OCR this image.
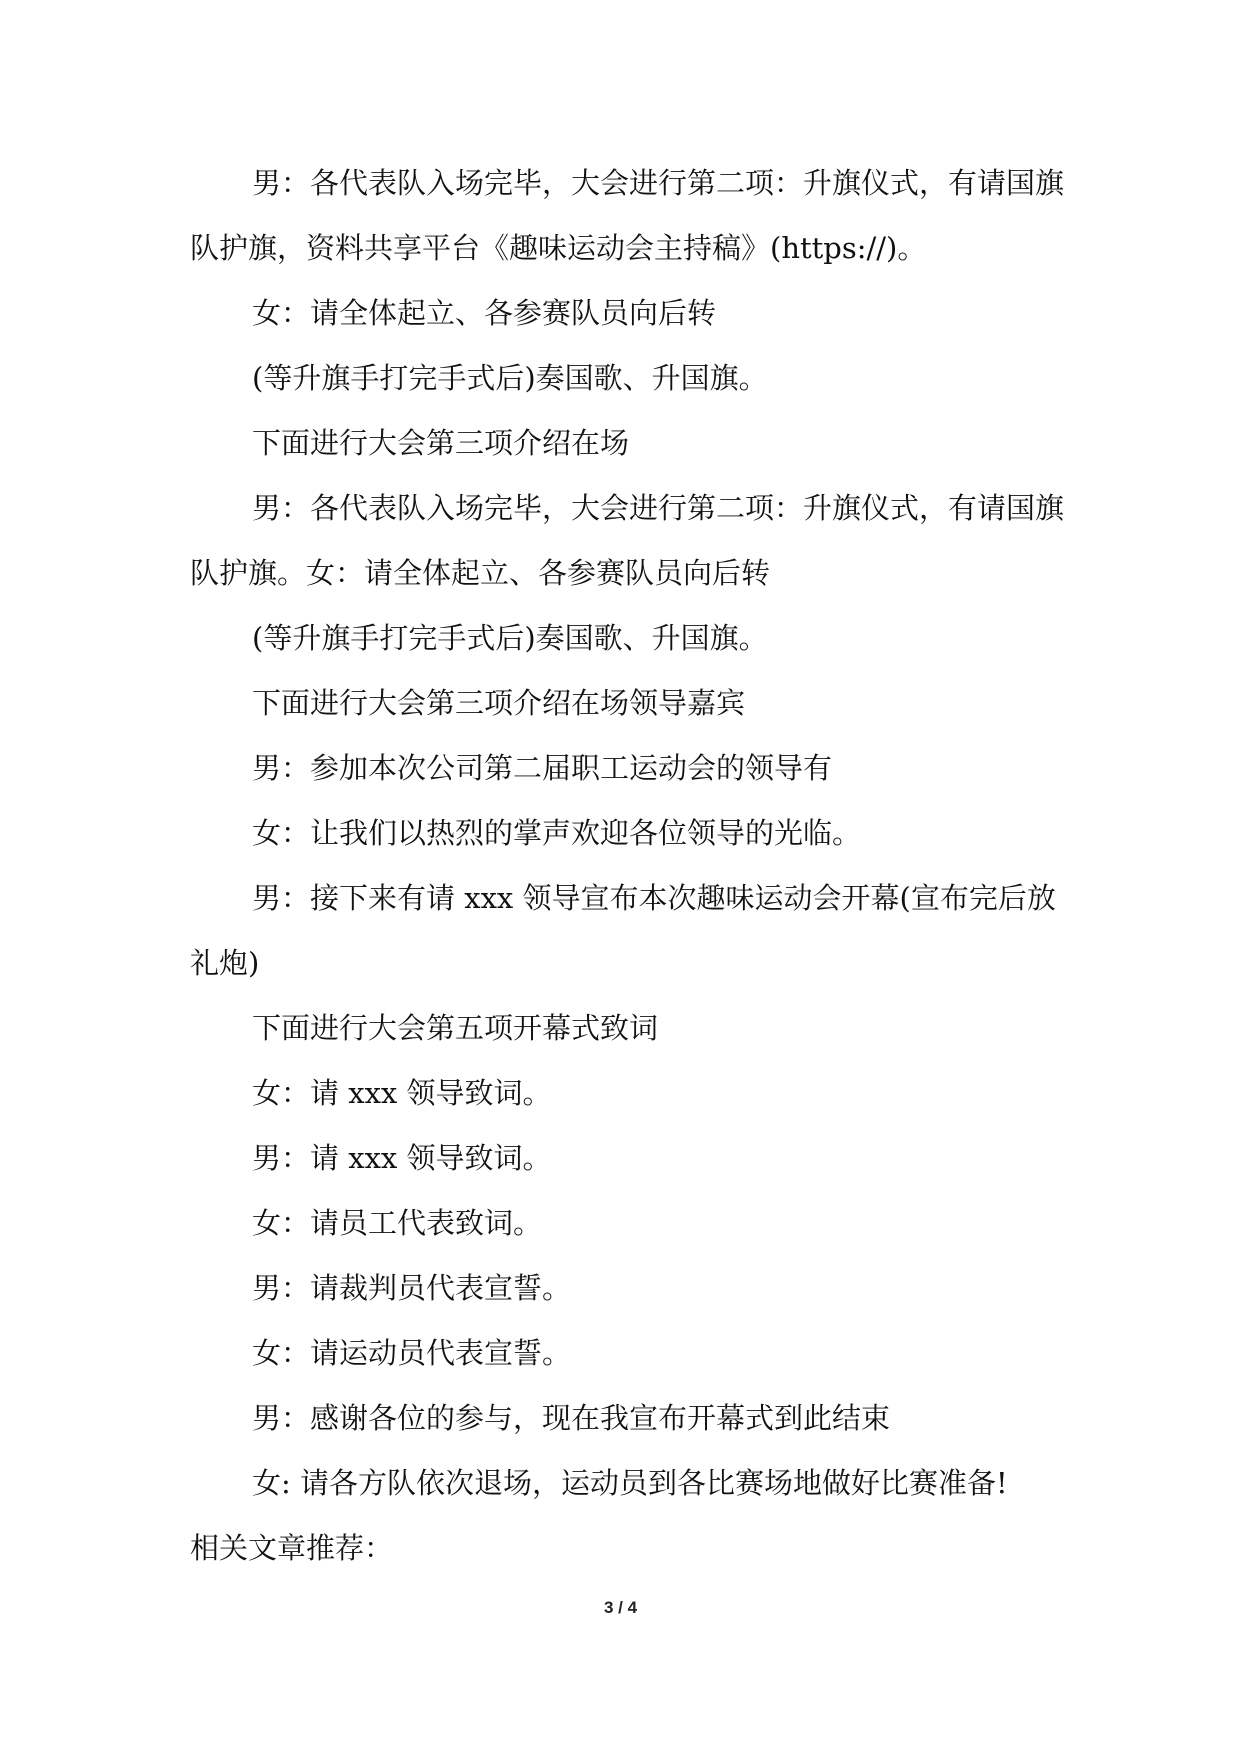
男：各代表队入场完毕，大会进行第二项：升旗仪式，有请国旗队护旗，资料共享平台《趣味运动会主持稿》(https://)。

女：请全体起立、各参赛队员向后转

(等升旗手打完手式后)奏国歌、升国旗。

下面进行大会第三项介绍在场

男：各代表队入场完毕，大会进行第二项：升旗仪式，有请国旗队护旗。女：请全体起立、各参赛队员向后转

(等升旗手打完手式后)奏国歌、升国旗。

下面进行大会第三项介绍在场领导嘉宾

男：参加本次公司第二届职工运动会的领导有

女：让我们以热烈的掌声欢迎各位领导的光临。

男：接下来有请 xxx 领导宣布本次趣味运动会开幕(宣布完后放礼炮)

下面进行大会第五项开幕式致词

女：请 xxx 领导致词。

男：请 xxx 领导致词。

女：请员工代表致词。

男：请裁判员代表宣誓。

女：请运动员代表宣誓。

男：感谢各位的参与，现在我宣布开幕式到此结束

女: 请各方队依次退场，运动员到各比赛场地做好比赛准备!

相关文章推荐：

3 / 4
